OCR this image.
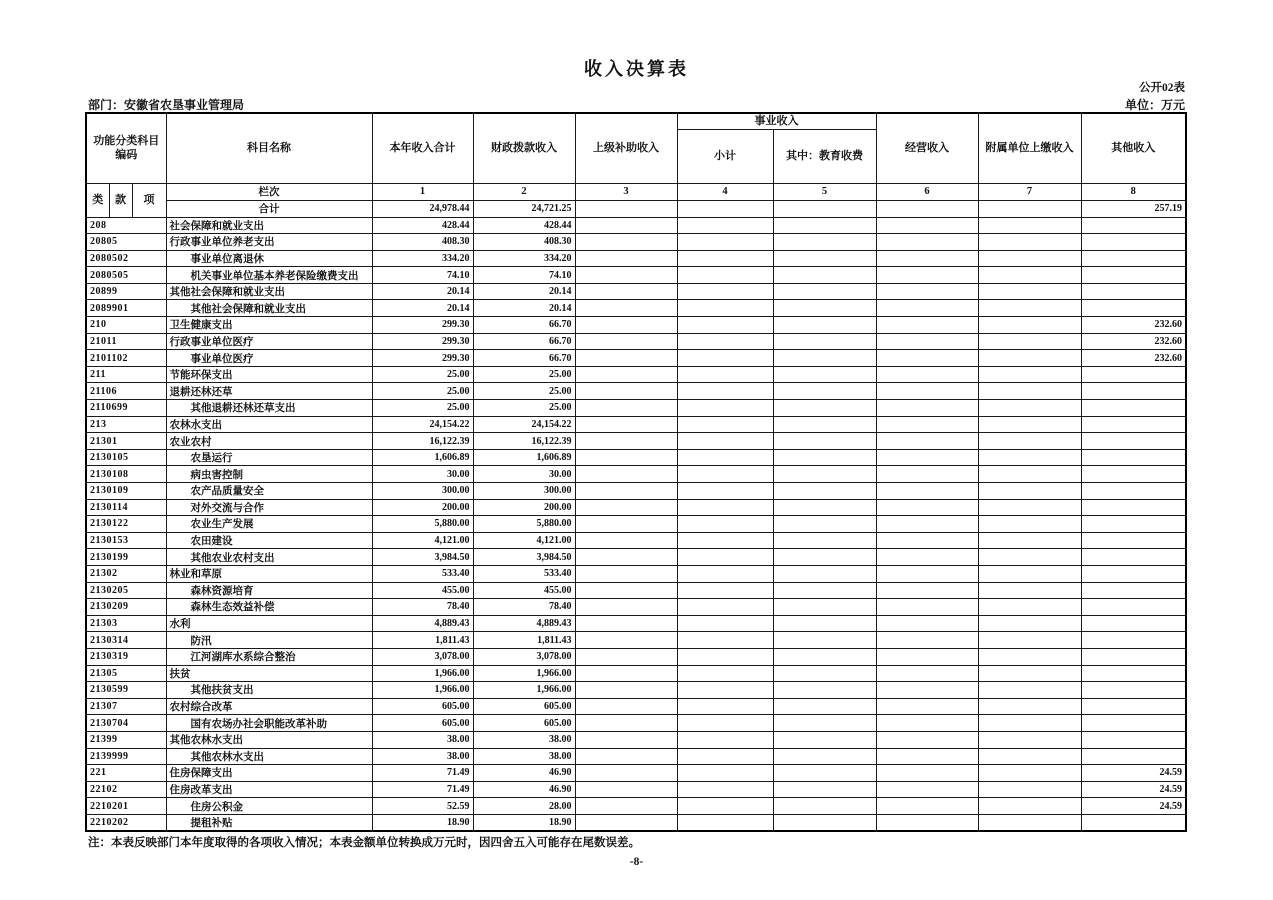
收入决算表
公开02表
部门：安徽省农垦事业管理局	单位：万元
功能分类科目编码			科目名称	本年收入合计	财政拨款收入	上级补助收入	事业收入		经营收入	附属单位上缴收入	其他收入
							小计	其中：教育收费			
类	款	项	栏次	1	2	3	4	5	6	7	8
			合计	24,978.44	24,721.25						257.19
208			社会保障和就业支出	428.44	428.44						
20805			行政事业单位养老支出	408.30	408.30						
2080502			事业单位离退休	334.20	334.20						
2080505			机关事业单位基本养老保险缴费支出	74.10	74.10						
20899			其他社会保障和就业支出	20.14	20.14						
2089901			其他社会保障和就业支出	20.14	20.14						
210			卫生健康支出	299.30	66.70						232.60
21011			行政事业单位医疗	299.30	66.70						232.60
2101102			事业单位医疗	299.30	66.70						232.60
211			节能环保支出	25.00	25.00						
21106			退耕还林还草	25.00	25.00						
2110699			其他退耕还林还草支出	25.00	25.00						
213			农林水支出	24,154.22	24,154.22						
21301			农业农村	16,122.39	16,122.39						
2130105			农垦运行	1,606.89	1,606.89						
2130108			病虫害控制	30.00	30.00						
2130109			农产品质量安全	300.00	300.00						
2130114			对外交流与合作	200.00	200.00						
2130122			农业生产发展	5,880.00	5,880.00						
2130153			农田建设	4,121.00	4,121.00						
2130199			其他农业农村支出	3,984.50	3,984.50						
21302			林业和草原	533.40	533.40						
2130205			森林资源培育	455.00	455.00						
2130209			森林生态效益补偿	78.40	78.40						
21303			水利	4,889.43	4,889.43						
2130314			防汛	1,811.43	1,811.43						
2130319			江河湖库水系综合整治	3,078.00	3,078.00						
21305			扶贫	1,966.00	1,966.00						
2130599			其他扶贫支出	1,966.00	1,966.00						
21307			农村综合改革	605.00	605.00						
2130704			国有农场办社会职能改革补助	605.00	605.00						
21399			其他农林水支出	38.00	38.00						
2139999			其他农林水支出	38.00	38.00						
221			住房保障支出	71.49	46.90						24.59
22102			住房改革支出	71.49	46.90						24.59
2210201			住房公积金	52.59	28.00						24.59
2210202			提租补贴	18.90	18.90						
注：本表反映部门本年度取得的各项收入情况；本表金额单位转换成万元时，因四舍五入可能存在尾数误差。
-8-
